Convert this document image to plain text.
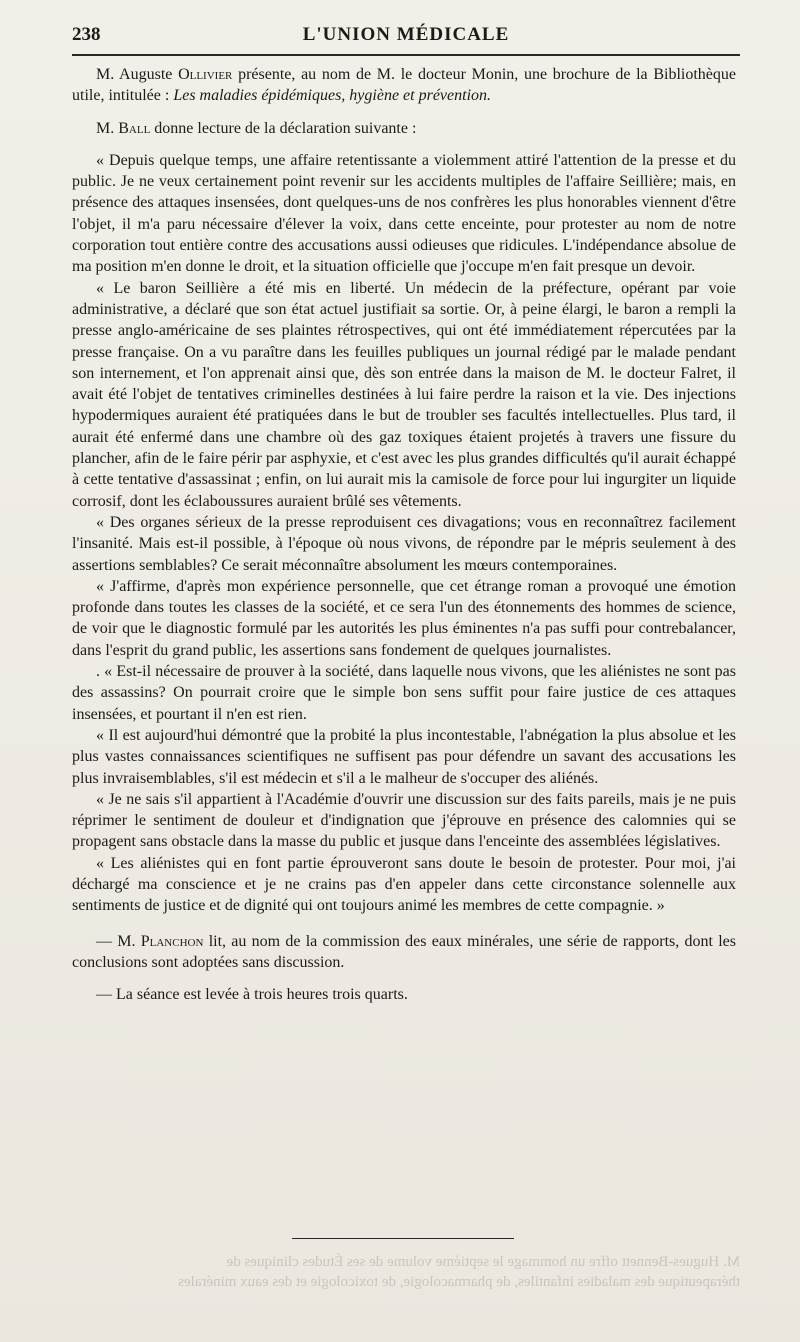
238	L'UNION MÉDICALE

M. Auguste Ollivier présente, au nom de M. le docteur Monin, une brochure de la Bibliothèque utile, intitulée : Les maladies épidémiques, hygiène et prévention.

M. Ball donne lecture de la déclaration suivante :

« Depuis quelque temps, une affaire retentissante a violemment attiré l'attention de la presse et du public. Je ne veux certainement point revenir sur les accidents multiples de l'affaire Seillière; mais, en présence des attaques insensées, dont quelques-uns de nos confrères les plus honorables viennent d'être l'objet, il m'a paru nécessaire d'élever la voix, dans cette enceinte, pour protester au nom de notre corporation tout entière contre des accusations aussi odieuses que ridicules. L'indépendance absolue de ma position m'en donne le droit, et la situation officielle que j'occupe m'en fait presque un devoir.

« Le baron Seillière a été mis en liberté. Un médecin de la préfecture, opérant par voie administrative, a déclaré que son état actuel justifiait sa sortie. Or, à peine élargi, le baron a rempli la presse anglo-américaine de ses plaintes rétrospectives, qui ont été immédiatement répercutées par la presse française. On a vu paraître dans les feuilles publiques un journal rédigé par le malade pendant son internement, et l'on apprenait ainsi que, dès son entrée dans la maison de M. le docteur Falret, il avait été l'objet de tentatives criminelles destinées à lui faire perdre la raison et la vie. Des injections hypodermiques auraient été pratiquées dans le but de troubler ses facultés intellectuelles. Plus tard, il aurait été enfermé dans une chambre où des gaz toxiques étaient projetés à travers une fissure du plancher, afin de le faire périr par asphyxie, et c'est avec les plus grandes difficultés qu'il aurait échappé à cette tentative d'assassinat ; enfin, on lui aurait mis la camisole de force pour lui ingurgiter un liquide corrosif, dont les éclaboussures auraient brûlé ses vêtements.

« Des organes sérieux de la presse reproduisent ces divagations; vous en reconnaîtrez facilement l'insanité. Mais est-il possible, à l'époque où nous vivons, de répondre par le mépris seulement à des assertions semblables? Ce serait méconnaître absolument les mœurs contemporaines.

« J'affirme, d'après mon expérience personnelle, que cet étrange roman a provoqué une émotion profonde dans toutes les classes de la société, et ce sera l'un des étonnements des hommes de science, de voir que le diagnostic formulé par les autorités les plus éminentes n'a pas suffi pour contrebalancer, dans l'esprit du grand public, les assertions sans fondement de quelques journalistes.

. « Est-il nécessaire de prouver à la société, dans laquelle nous vivons, que les aliénistes ne sont pas des assassins? On pourrait croire que le simple bon sens suffit pour faire justice de ces attaques insensées, et pourtant il n'en est rien.

« Il est aujourd'hui démontré que la probité la plus incontestable, l'abnégation la plus absolue et les plus vastes connaissances scientifiques ne suffisent pas pour défendre un savant des accusations les plus invraisemblables, s'il est médecin et s'il a le malheur de s'occuper des aliénés.

« Je ne sais s'il appartient à l'Académie d'ouvrir une discussion sur des faits pareils, mais je ne puis réprimer le sentiment de douleur et d'indignation que j'éprouve en présence des calomnies qui se propagent sans obstacle dans la masse du public et jusque dans l'enceinte des assemblées législatives.

« Les aliénistes qui en font partie éprouveront sans doute le besoin de protester. Pour moi, j'ai déchargé ma conscience et je ne crains pas d'en appeler dans cette circonstance solennelle aux sentiments de justice et de dignité qui ont toujours animé les membres de cette compagnie. »

— M. Planchon lit, au nom de la commission des eaux minérales, une série de rapports, dont les conclusions sont adoptées sans discussion.

— La séance est levée à trois heures trois quarts.

M. Hugues-Bennett offre un hommage le septième volume de ses Études cliniques de
thérapeutique des maladies infantiles, de pharmacologie, de toxicologie et des eaux minérales
